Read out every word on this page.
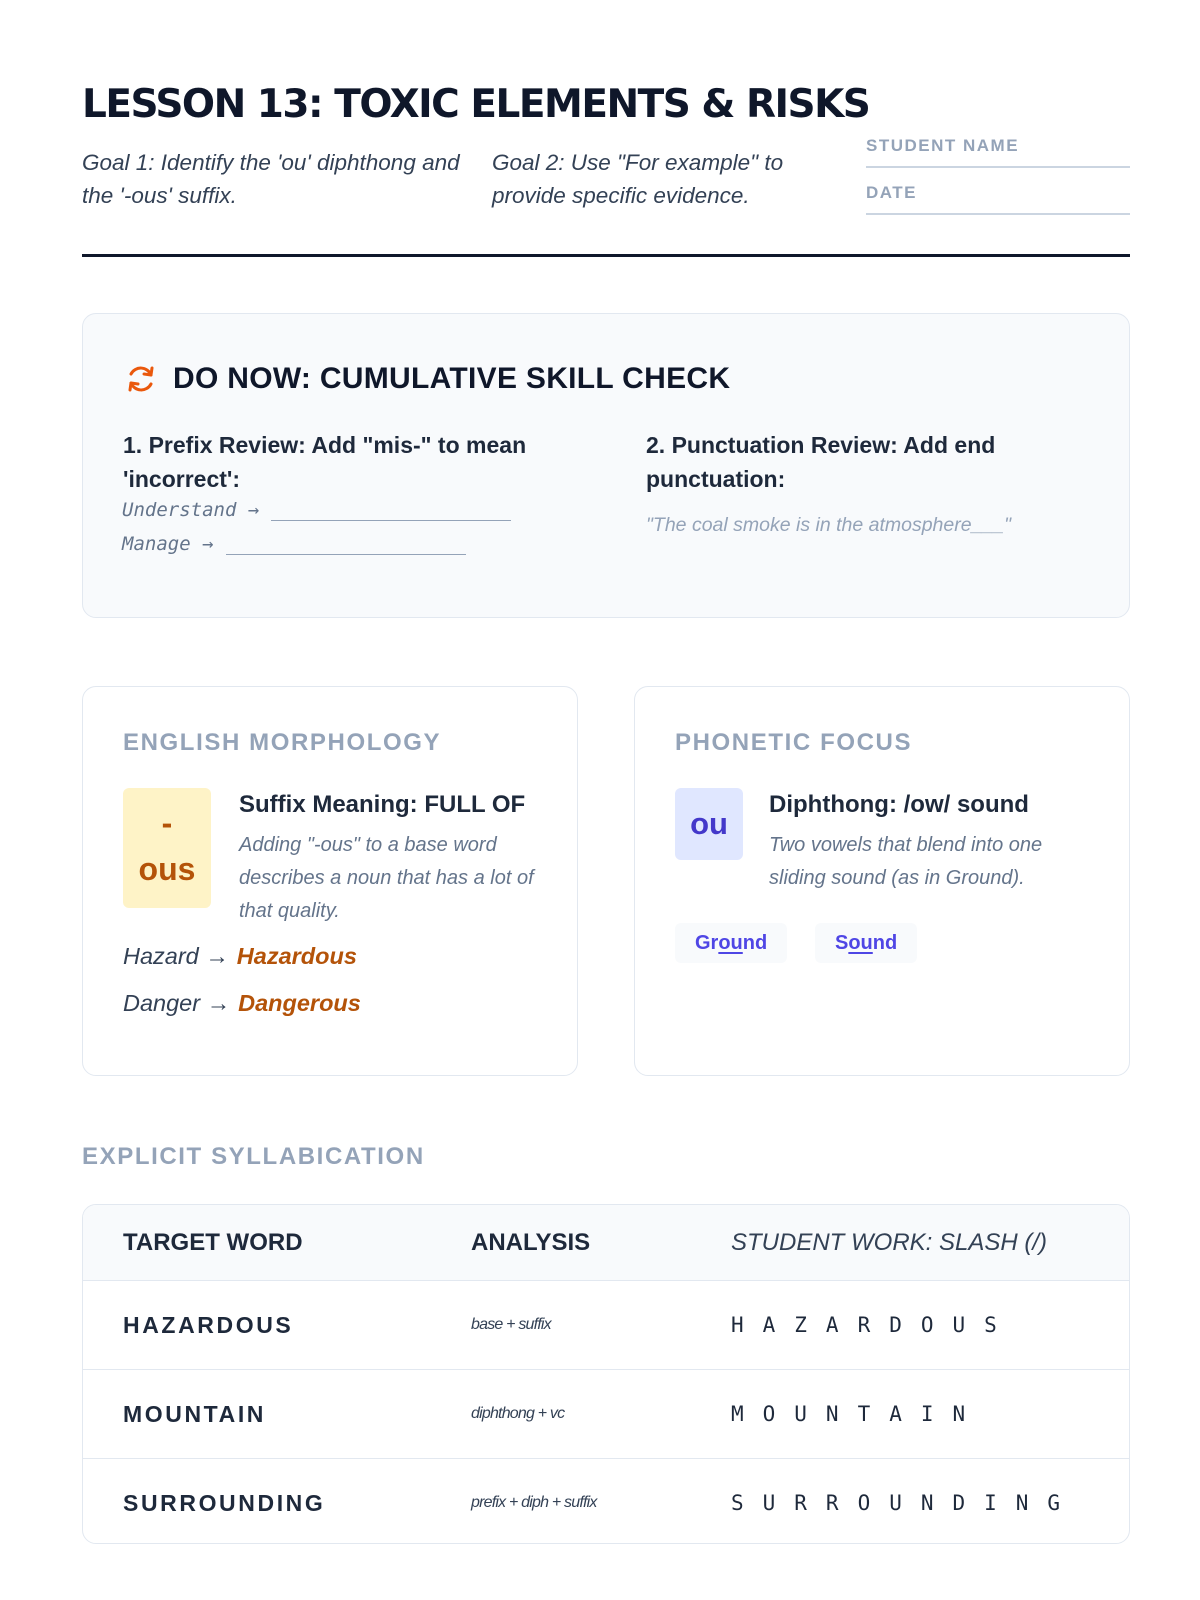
LESSON 13: TOXIC ELEMENTS & RISKS
Goal 1: Identify the 'ou' diphthong and the '-ous' suffix.
Goal 2: Use "For example" to provide specific evidence.
STUDENT NAME
DATE
DO NOW: CUMULATIVE SKILL CHECK
1. Prefix Review: Add "mis-" to mean 'incorrect':
2. Punctuation Review: Add end punctuation:
"The coal smoke is in the atmosphere___"
Understand →
Manage →
ENGLISH MORPHOLOGY
-
ous
Suffix Meaning: FULL OF
Adding "-ous" to a base word describes a noun that has a lot of that quality.
Hazard → Hazardous
Danger → Dangerous
PHONETIC FOCUS
ou
Diphthong: /ow/ sound
Two vowels that blend into one sliding sound (as in Ground).
Gr ou nd	S ou nd
EXPLICIT SYLLABICATION
TARGET WORD	ANALYSIS	STUDENT WORK: SLASH (/)
HAZARDOUS	base + suffix	HAZARDOUS
MOUNTAIN	diphthong + vc	MOUNTAIN
SURROUNDING	prefix + diph + suffix	SURROUNDING
